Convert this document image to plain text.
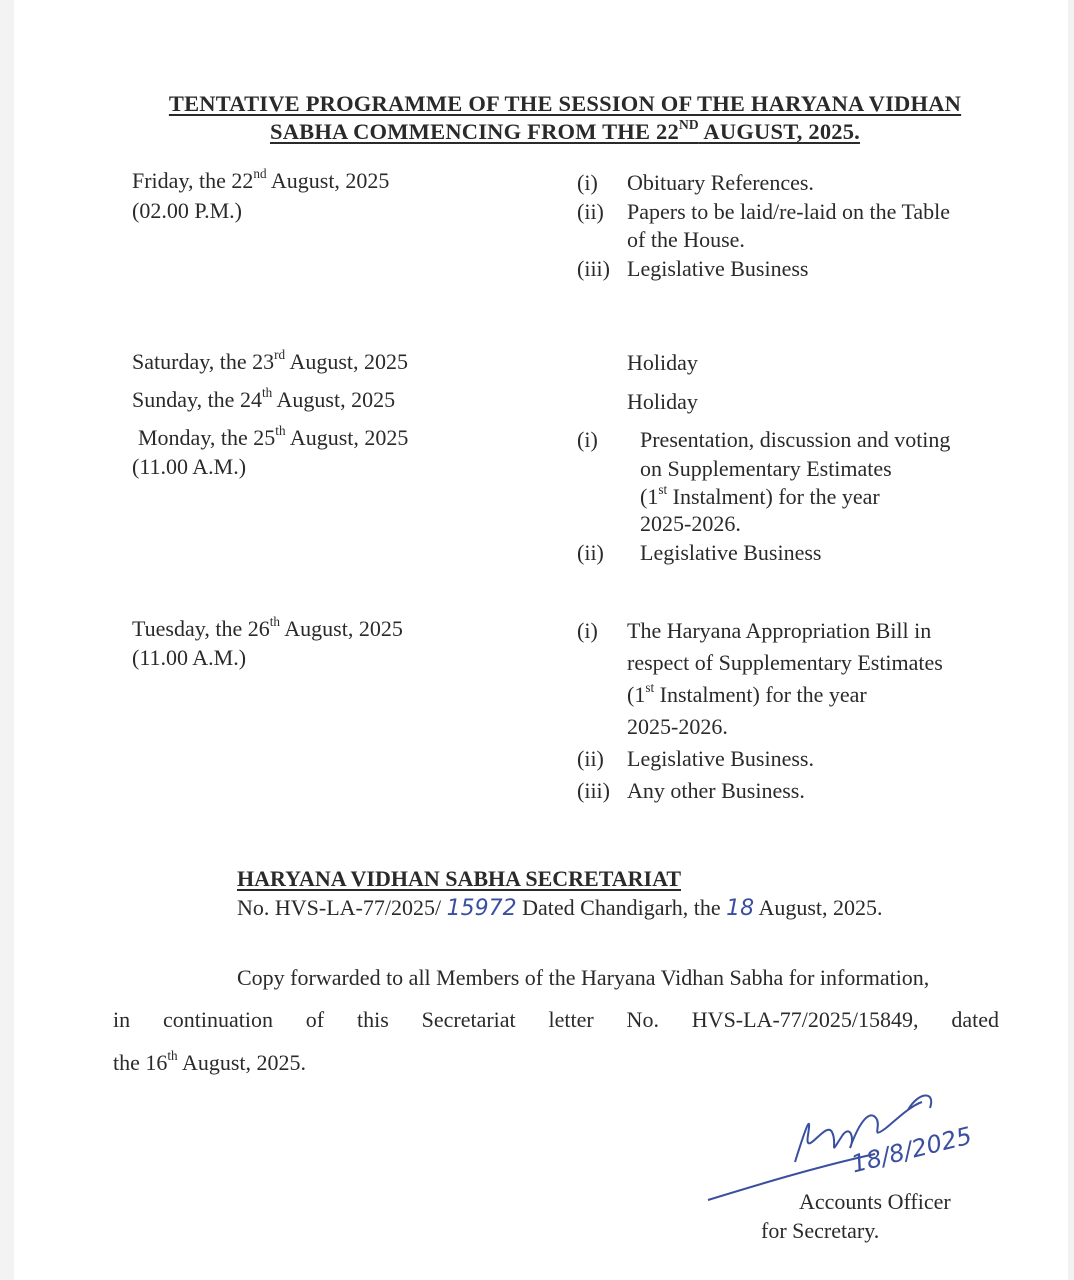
TENTATIVE PROGRAMME OF THE SESSION OF THE HARYANA VIDHAN
SABHA COMMENCING FROM THE 22ND AUGUST, 2025.
Friday, the 22nd August, 2025
(02.00 P.M.)
(i) Obituary References.
(ii) Papers to be laid/re-laid on the Table
of the House.
(iii) Legislative Business
Saturday, the 23rd August, 2025	Holiday
Sunday, the 24th August, 2025	Holiday
Monday, the 25th August, 2025
(11.00 A.M.)
(i) Presentation, discussion and voting
on Supplementary Estimates
(1st Instalment) for the year
2025-2026.
(ii) Legislative Business
Tuesday, the 26th August, 2025
(11.00 A.M.)
(i) The Haryana Appropriation Bill in
respect of Supplementary Estimates
(1st Instalment) for the year
2025-2026.
(ii) Legislative Business.
(iii) Any other Business.
HARYANA VIDHAN SABHA SECRETARIAT
No. HVS-LA-77/2025/ 15972 Dated Chandigarh, the 18 August, 2025.
Copy forwarded to all Members of the Haryana Vidhan Sabha for information,
in continuation of this Secretariat letter No. HVS-LA-77/2025/15849, dated
the 16th August, 2025.
18/8/2025
Accounts Officer
for Secretary.
